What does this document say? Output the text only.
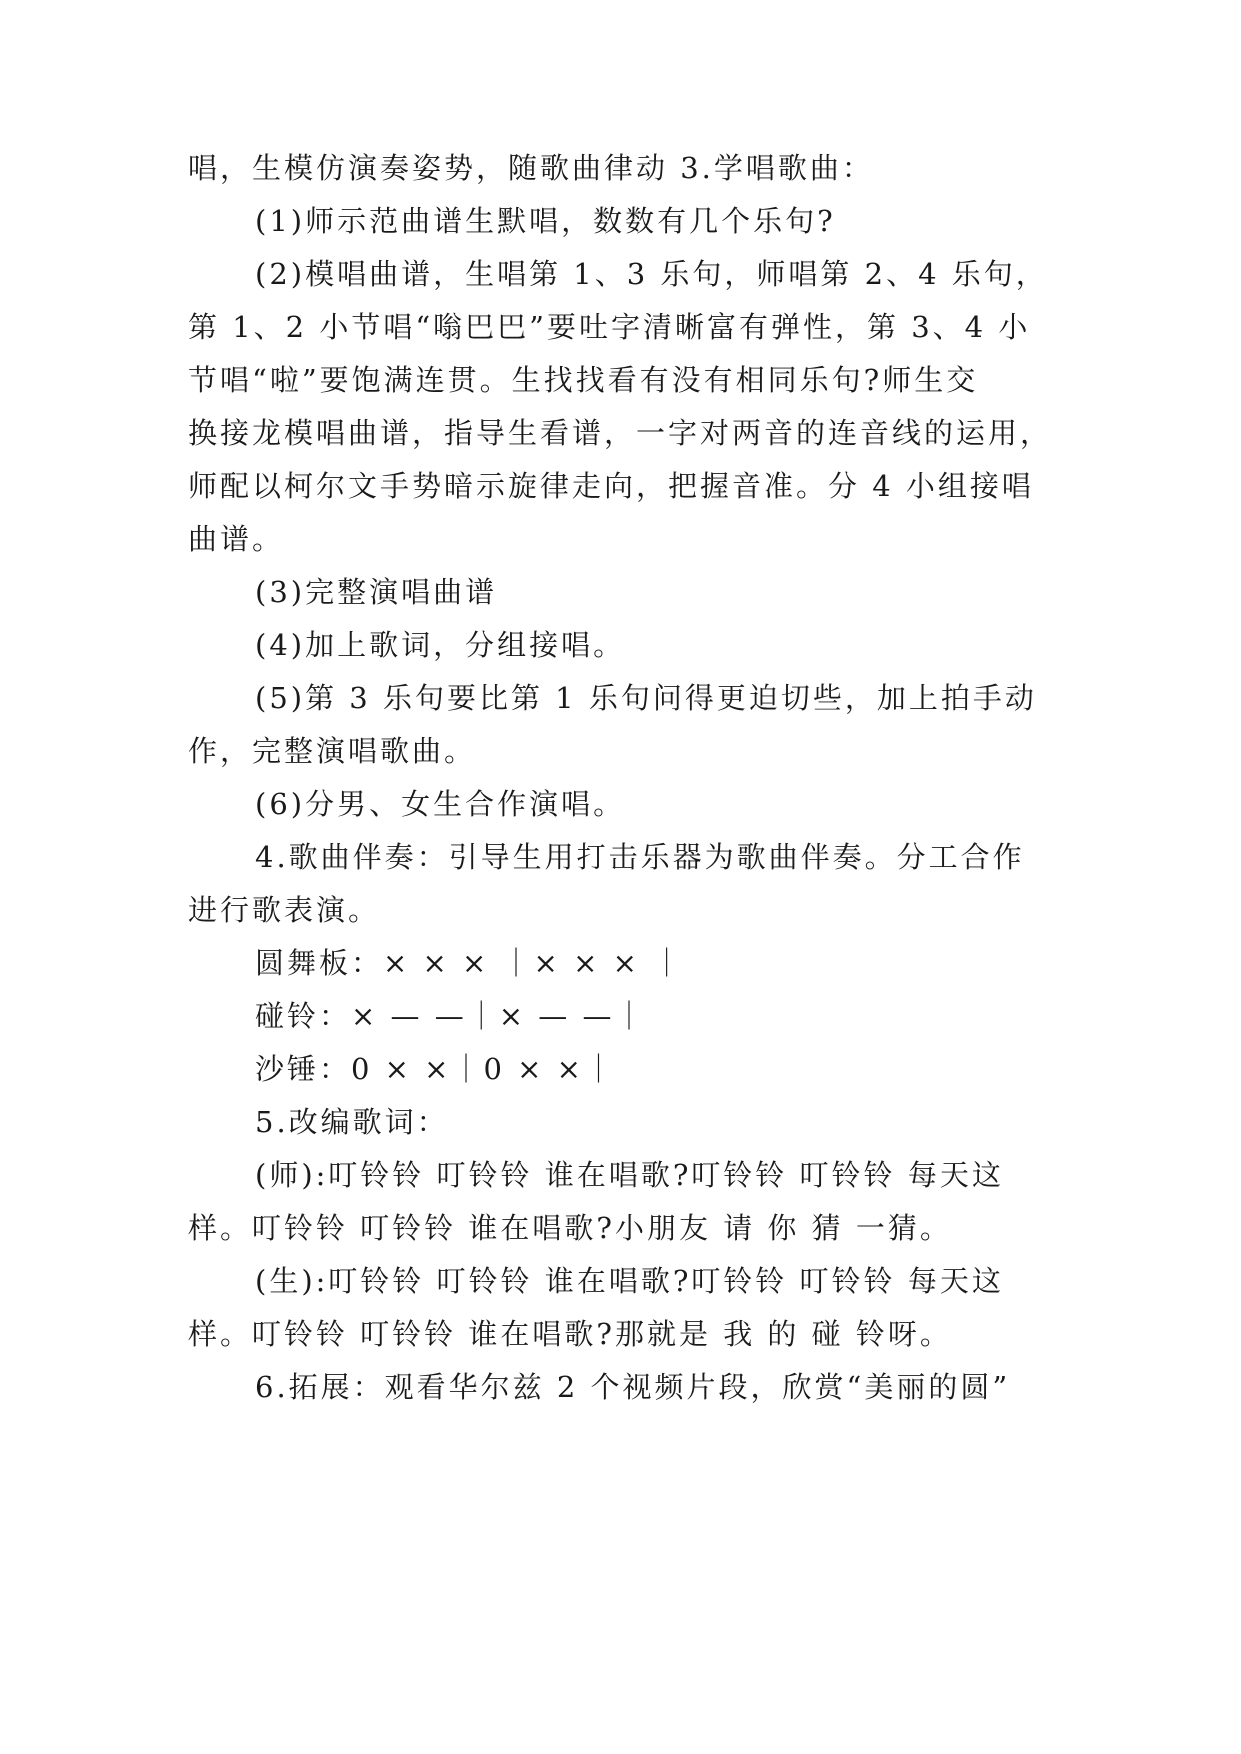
唱，生模仿演奏姿势，随歌曲律动 3.学唱歌曲：
(1)师示范曲谱生默唱，数数有几个乐句?
(2)模唱曲谱，生唱第 1、3 乐句，师唱第 2、4 乐句，
第 1、2 小节唱“嗡巴巴”要吐字清晰富有弹性，第 3、4 小
节唱“啦”要饱满连贯。生找找看有没有相同乐句?师生交
换接龙模唱曲谱，指导生看谱，一字对两音的连音线的运用，
师配以柯尔文手势暗示旋律走向，把握音准。分 4 小组接唱
曲谱。
(3)完整演唱曲谱
(4)加上歌词，分组接唱。
(5)第 3 乐句要比第 1 乐句问得更迫切些，加上拍手动
作，完整演唱歌曲。
(6)分男、女生合作演唱。
4.歌曲伴奏：引导生用打击乐器为歌曲伴奏。分工合作
进行歌表演。
圆舞板：× × × ｜× × × ｜
碰铃：× — —｜× — —｜
沙锤：0 × ×｜0 × ×｜
5.改编歌词：
(师):叮铃铃 叮铃铃 谁在唱歌?叮铃铃 叮铃铃 每天这
样。叮铃铃 叮铃铃 谁在唱歌?小朋友 请 你 猜 一猜。
(生):叮铃铃 叮铃铃 谁在唱歌?叮铃铃 叮铃铃 每天这
样。叮铃铃 叮铃铃 谁在唱歌?那就是 我 的 碰 铃呀。
6.拓展：观看华尔兹 2 个视频片段，欣赏“美丽的圆”
